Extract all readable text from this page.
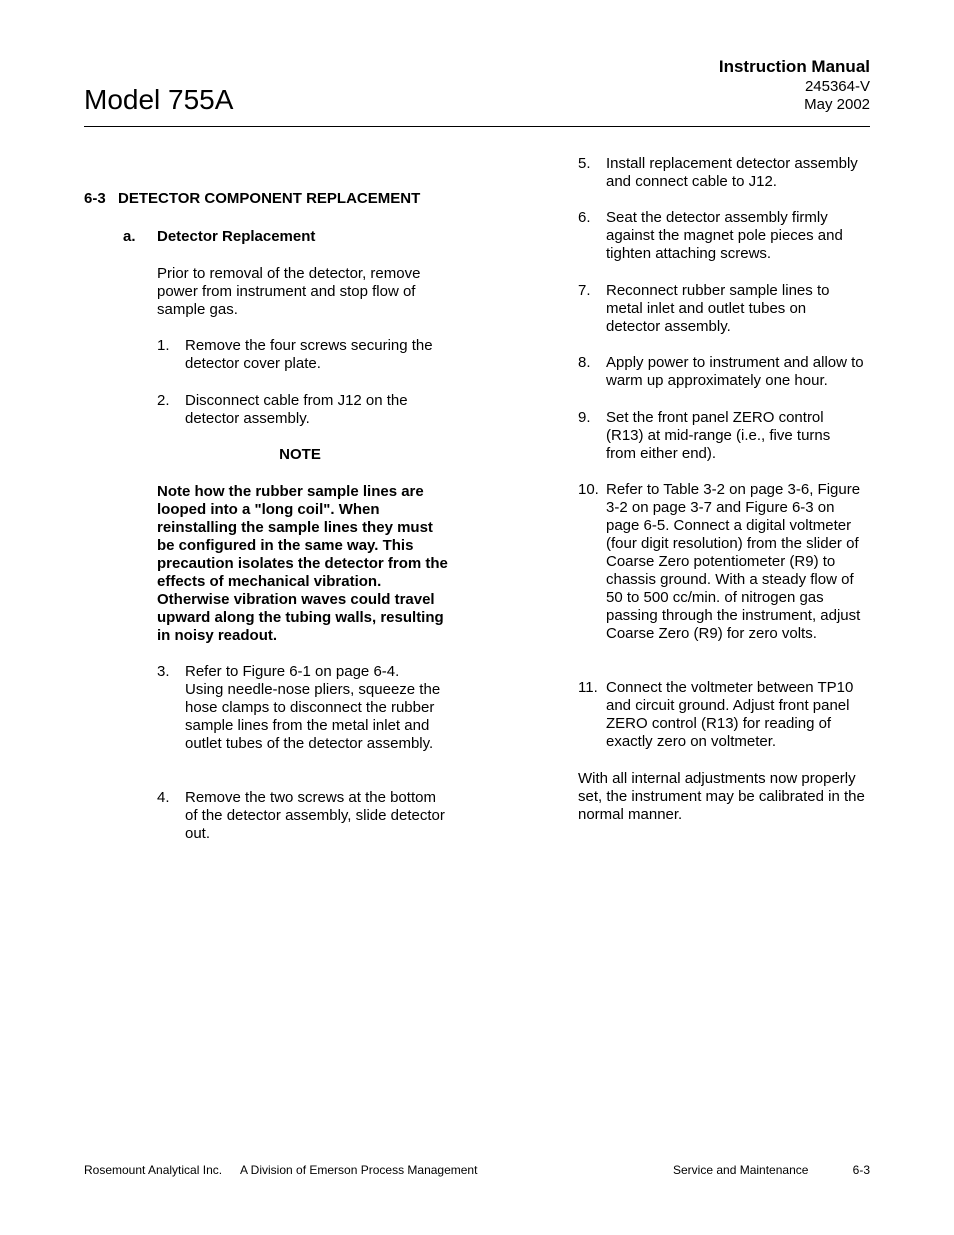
Model 755A
Instruction Manual
245364-V
May 2002
6-3 DETECTOR COMPONENT REPLACEMENT
a. Detector Replacement
Prior to removal of the detector, remove power from instrument and stop flow of sample gas.
1. Remove the four screws securing the detector cover plate.
2. Disconnect cable from J12 on the detector assembly.
NOTE
Note how the rubber sample lines are looped into a "long coil". When reinstalling the sample lines they must be configured in the same way. This precaution isolates the detector from the effects of mechanical vibration. Otherwise vibration waves could travel upward along the tubing walls, resulting in noisy readout.
3. Refer to Figure 6-1 on page 6-4. Using needle-nose pliers, squeeze the hose clamps to disconnect the rubber sample lines from the metal inlet and outlet tubes of the detector assembly.
4. Remove the two screws at the bottom of the detector assembly, slide detector out.
5. Install replacement detector assembly and connect cable to J12.
6. Seat the detector assembly firmly against the magnet pole pieces and tighten attaching screws.
7. Reconnect rubber sample lines to metal inlet and outlet tubes on detector assembly.
8. Apply power to instrument and allow to warm up approximately one hour.
9. Set the front panel ZERO control (R13) at mid-range (i.e., five turns from either end).
10. Refer to Table 3-2 on page 3-6, Figure 3-2 on page 3-7 and Figure 6-3 on page 6-5. Connect a digital voltmeter (four digit resolution) from the slider of Coarse Zero potentiometer (R9) to chassis ground. With a steady flow of 50 to 500 cc/min. of nitrogen gas passing through the instrument, adjust Coarse Zero (R9) for zero volts.
11. Connect the voltmeter between TP10 and circuit ground. Adjust front panel ZERO control (R13) for reading of exactly zero on voltmeter.
With all internal adjustments now properly set, the instrument may be calibrated in the normal manner.
Rosemount Analytical Inc. A Division of Emerson Process Management	Service and Maintenance	6-3
